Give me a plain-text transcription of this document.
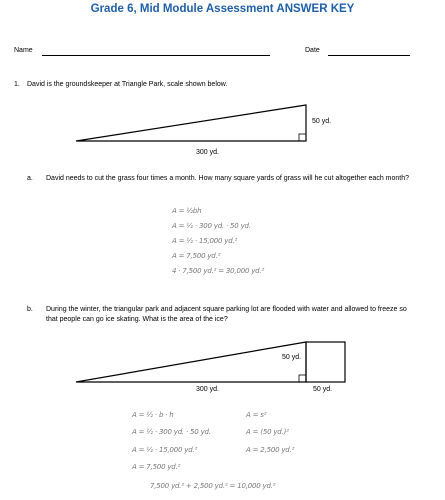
Grade 6, Mid Module Assessment ANSWER KEY
Name	Date
1. David is the groundskeeper at Triangle Park, scale shown below.
50 yd.
300 yd.
a. David needs to cut the grass four times a month. How many square yards of grass will he cut altogether each month?
A = ½bh
A = ½ · 300 yd. · 50 yd.
A = ½ · 15,000 yd.²
A = 7,500 yd.²
4 · 7,500 yd.² = 30,000 yd.²
b. During the winter, the triangular park and adjacent square parking lot are flooded with water and allowed to freeze so that people can go ice skating. What is the area of the ice?
50 yd.
300 yd.	50 yd.
A = ½ · b · h
A = ½ · 300 yd. · 50 yd.
A = ½ · 15,000 yd.²
A = 7,500 yd.²
A = s²
A = (50 yd.)²
A = 2,500 yd.²
7,500 yd.² + 2,500 yd.² = 10,000 yd.²
